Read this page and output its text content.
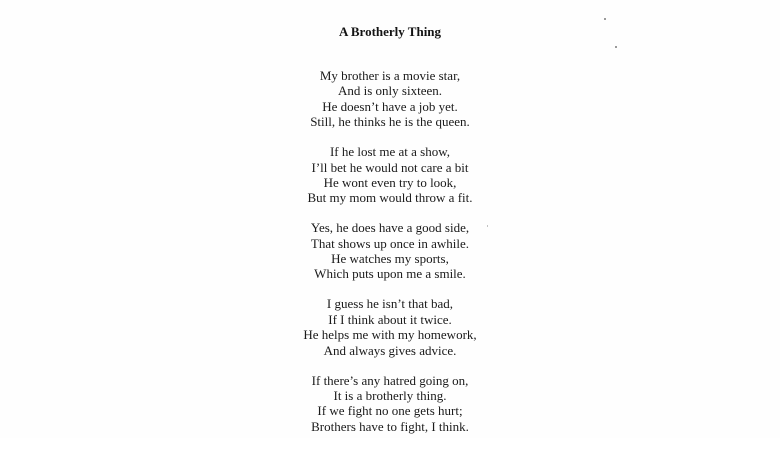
A Brotherly Thing
My brother is a movie star,
And is only sixteen.
He doesn’t have a job yet.
Still, he thinks he is the queen.
If he lost me at a show,
I’ll bet he would not care a bit
He wont even try to look,
But my mom would throw a fit.
Yes, he does have a good side,
That shows up once in awhile.
He watches my sports,
Which puts upon me a smile.
I guess he isn’t that bad,
If I think about it twice.
He helps me with my homework,
And always gives advice.
If there’s any hatred going on,
It is a brotherly thing.
If we fight no one gets hurt;
Brothers have to fight, I think.
